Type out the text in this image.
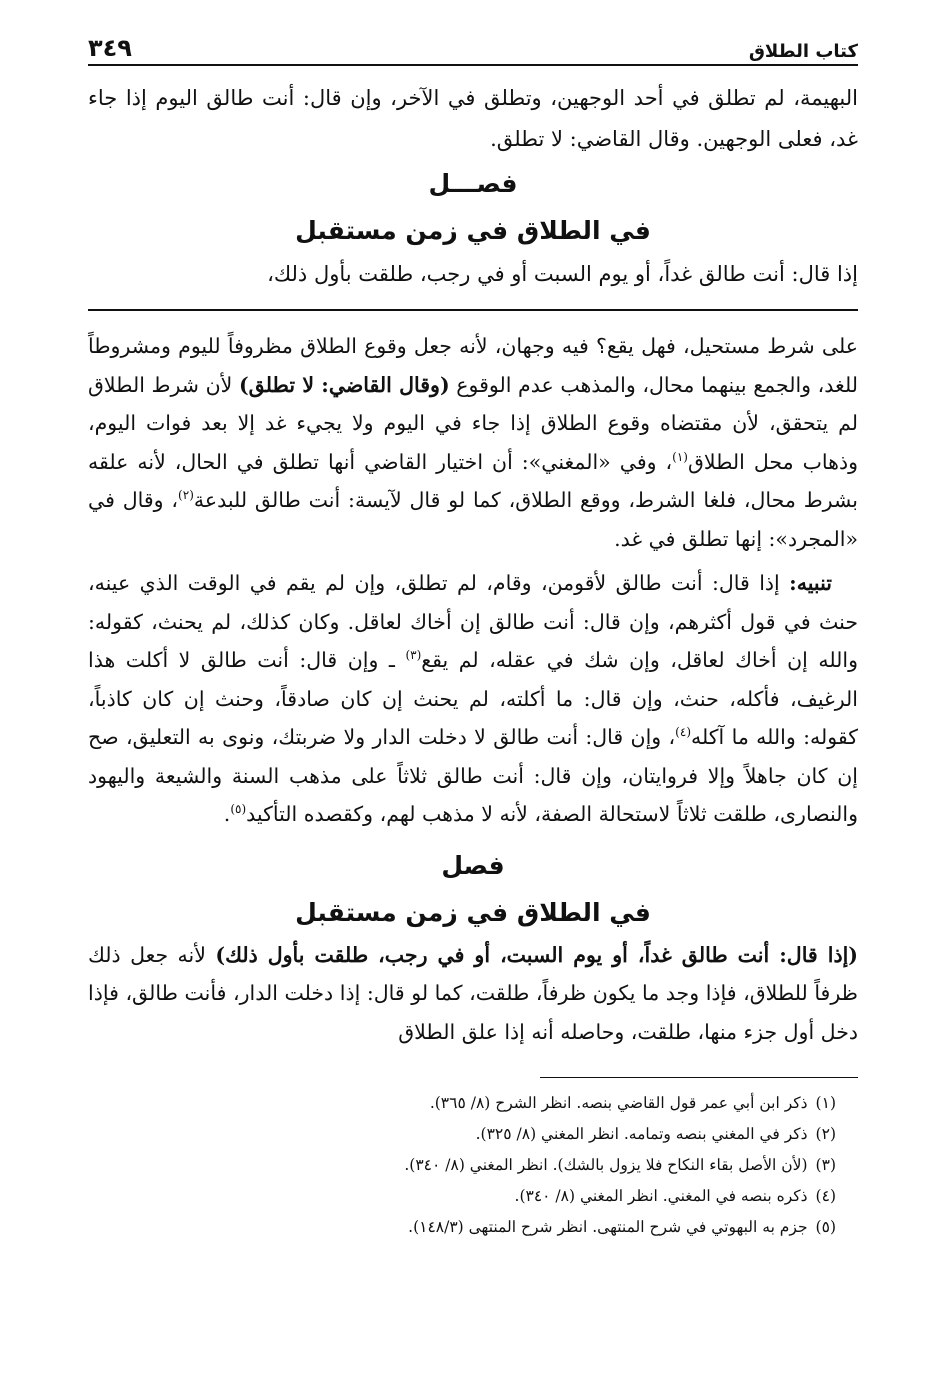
كتاب الطلاق
٣٤٩

البهيمة، لم تطلق في أحد الوجهين، وتطلق في الآخر، وإن قال: أنت طالق اليوم إذا جاء غد، فعلى الوجهين. وقال القاضي: لا تطلق.

فصـــل

في الطلاق في زمن مستقبل

إذا قال: أنت طالق غداً، أو يوم السبت أو في رجب، طلقت بأول ذلك،

على شرط مستحيل، فهل يقع؟ فيه وجهان، لأنه جعل وقوع الطلاق مظروفاً لليوم ومشروطاً للغد، والجمع بينهما محال، والمذهب عدم الوقوع (وقال القاضي: لا تطلق) لأن شرط الطلاق لم يتحقق، لأن مقتضاه وقوع الطلاق إذا جاء في اليوم ولا يجيء غد إلا بعد فوات اليوم، وذهاب محل الطلاق$^{(١)}$، وفي «المغني»: أن اختيار القاضي أنها تطلق في الحال، لأنه علقه بشرط محال، فلغا الشرط، ووقع الطلاق، كما لو قال لآيسة: أنت طالق للبدعة$^{(٢)}$، وقال في «المجرد»: إنها تطلق في غد.

تنبيه: إذا قال: أنت طالق لأقومن، وقام، لم تطلق، وإن لم يقم في الوقت الذي عينه، حنث في قول أكثرهم، وإن قال: أنت طالق إن أخاك لعاقل. وكان كذلك، لم يحنث، كقوله: والله إن أخاك لعاقل، وإن شك في عقله، لم يقع$^{(٣)}$ ـ وإن قال: أنت طالق لا أكلت هذا الرغيف، فأكله، حنث، وإن قال: ما أكلته، لم يحنث إن كان صادقاً، وحنث إن كان كاذباً، كقوله: والله ما آكله$^{(٤)}$، وإن قال: أنت طالق لا دخلت الدار ولا ضربتك، ونوى به التعليق، صح إن كان جاهلاً وإلا فروايتان، وإن قال: أنت طالق ثلاثاً على مذهب السنة والشيعة واليهود والنصارى، طلقت ثلاثاً لاستحالة الصفة، لأنه لا مذهب لهم، وكقصده التأكيد$^{(٥)}$.

فصل

في الطلاق في زمن مستقبل

(إذا قال: أنت طالق غداً، أو يوم السبت، أو في رجب، طلقت بأول ذلك) لأنه جعل ذلك ظرفاً للطلاق، فإذا وجد ما يكون ظرفاً، طلقت، كما لو قال: إذا دخلت الدار، فأنت طالق، فإذا دخل أول جزء منها، طلقت، وحاصله أنه إذا علق الطلاق

(١)ذكر ابن أبي عمر قول القاضي بنصه. انظر الشرح (٨/ ٣٦٥).
(٢)ذكر في المغني بنصه وتمامه. انظر المغني (٨/ ٣٢٥).
(٣)(لأن الأصل بقاء النكاح فلا يزول بالشك). انظر المغني (٨/ ٣٤٠).
(٤)ذكره بنصه في المغني. انظر المغني (٨/ ٣٤٠).
(٥)جزم به البهوتي في شرح المنتهى. انظر شرح المنتهى (١٤٨/٣).
